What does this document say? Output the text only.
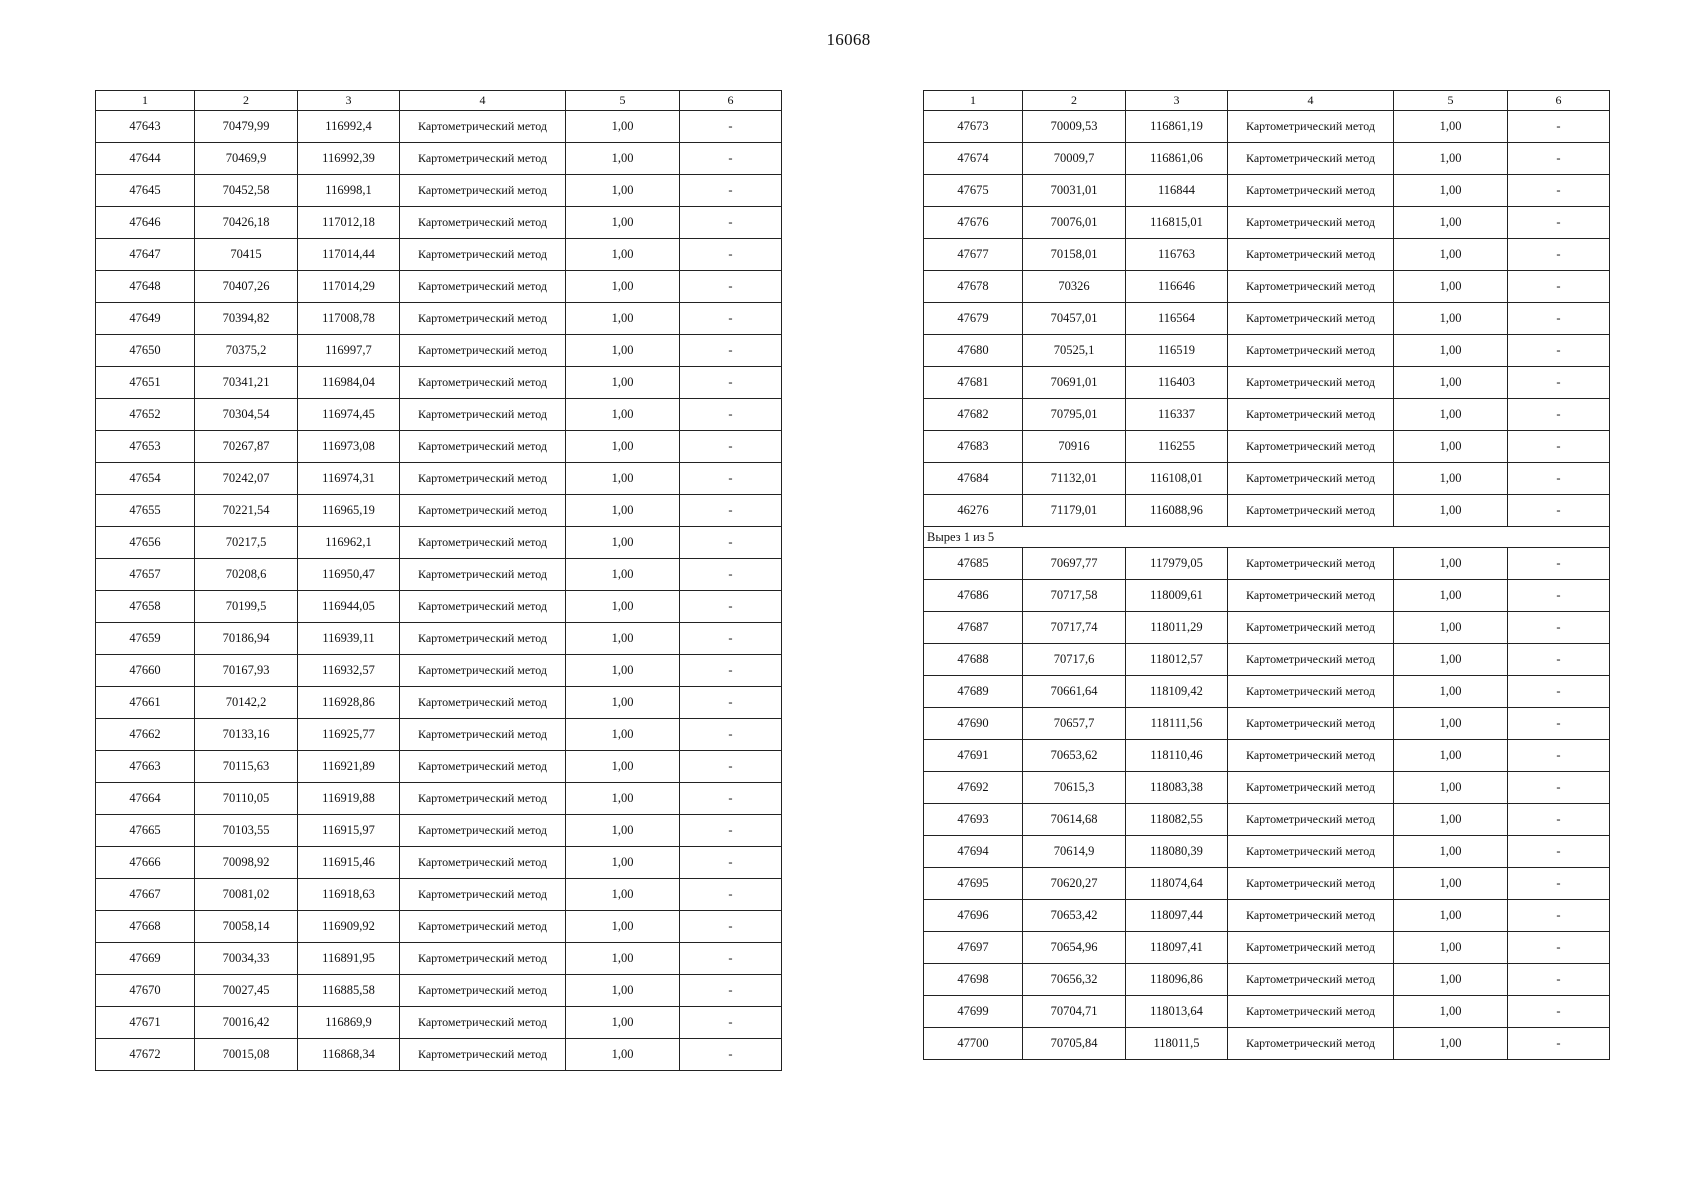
16068
1	2	3	4	5	6
47643	70479,99	116992,4	Картометрический метод	1,00	-
47644	70469,9	116992,39	Картометрический метод	1,00	-
47645	70452,58	116998,1	Картометрический метод	1,00	-
47646	70426,18	117012,18	Картометрический метод	1,00	-
47647	70415	117014,44	Картометрический метод	1,00	-
47648	70407,26	117014,29	Картометрический метод	1,00	-
47649	70394,82	117008,78	Картометрический метод	1,00	-
47650	70375,2	116997,7	Картометрический метод	1,00	-
47651	70341,21	116984,04	Картометрический метод	1,00	-
47652	70304,54	116974,45	Картометрический метод	1,00	-
47653	70267,87	116973,08	Картометрический метод	1,00	-
47654	70242,07	116974,31	Картометрический метод	1,00	-
47655	70221,54	116965,19	Картометрический метод	1,00	-
47656	70217,5	116962,1	Картометрический метод	1,00	-
47657	70208,6	116950,47	Картометрический метод	1,00	-
47658	70199,5	116944,05	Картометрический метод	1,00	-
47659	70186,94	116939,11	Картометрический метод	1,00	-
47660	70167,93	116932,57	Картометрический метод	1,00	-
47661	70142,2	116928,86	Картометрический метод	1,00	-
47662	70133,16	116925,77	Картометрический метод	1,00	-
47663	70115,63	116921,89	Картометрический метод	1,00	-
47664	70110,05	116919,88	Картометрический метод	1,00	-
47665	70103,55	116915,97	Картометрический метод	1,00	-
47666	70098,92	116915,46	Картометрический метод	1,00	-
47667	70081,02	116918,63	Картометрический метод	1,00	-
47668	70058,14	116909,92	Картометрический метод	1,00	-
47669	70034,33	116891,95	Картометрический метод	1,00	-
47670	70027,45	116885,58	Картометрический метод	1,00	-
47671	70016,42	116869,9	Картометрический метод	1,00	-
47672	70015,08	116868,34	Картометрический метод	1,00	-
1	2	3	4	5	6
47673	70009,53	116861,19	Картометрический метод	1,00	-
47674	70009,7	116861,06	Картометрический метод	1,00	-
47675	70031,01	116844	Картометрический метод	1,00	-
47676	70076,01	116815,01	Картометрический метод	1,00	-
47677	70158,01	116763	Картометрический метод	1,00	-
47678	70326	116646	Картометрический метод	1,00	-
47679	70457,01	116564	Картометрический метод	1,00	-
47680	70525,1	116519	Картометрический метод	1,00	-
47681	70691,01	116403	Картометрический метод	1,00	-
47682	70795,01	116337	Картометрический метод	1,00	-
47683	70916	116255	Картометрический метод	1,00	-
47684	71132,01	116108,01	Картометрический метод	1,00	-
46276	71179,01	116088,96	Картометрический метод	1,00	-
Вырез 1 из 5					
47685	70697,77	117979,05	Картометрический метод	1,00	-
47686	70717,58	118009,61	Картометрический метод	1,00	-
47687	70717,74	118011,29	Картометрический метод	1,00	-
47688	70717,6	118012,57	Картометрический метод	1,00	-
47689	70661,64	118109,42	Картометрический метод	1,00	-
47690	70657,7	118111,56	Картометрический метод	1,00	-
47691	70653,62	118110,46	Картометрический метод	1,00	-
47692	70615,3	118083,38	Картометрический метод	1,00	-
47693	70614,68	118082,55	Картометрический метод	1,00	-
47694	70614,9	118080,39	Картометрический метод	1,00	-
47695	70620,27	118074,64	Картометрический метод	1,00	-
47696	70653,42	118097,44	Картометрический метод	1,00	-
47697	70654,96	118097,41	Картометрический метод	1,00	-
47698	70656,32	118096,86	Картометрический метод	1,00	-
47699	70704,71	118013,64	Картометрический метод	1,00	-
47700	70705,84	118011,5	Картометрический метод	1,00	-
